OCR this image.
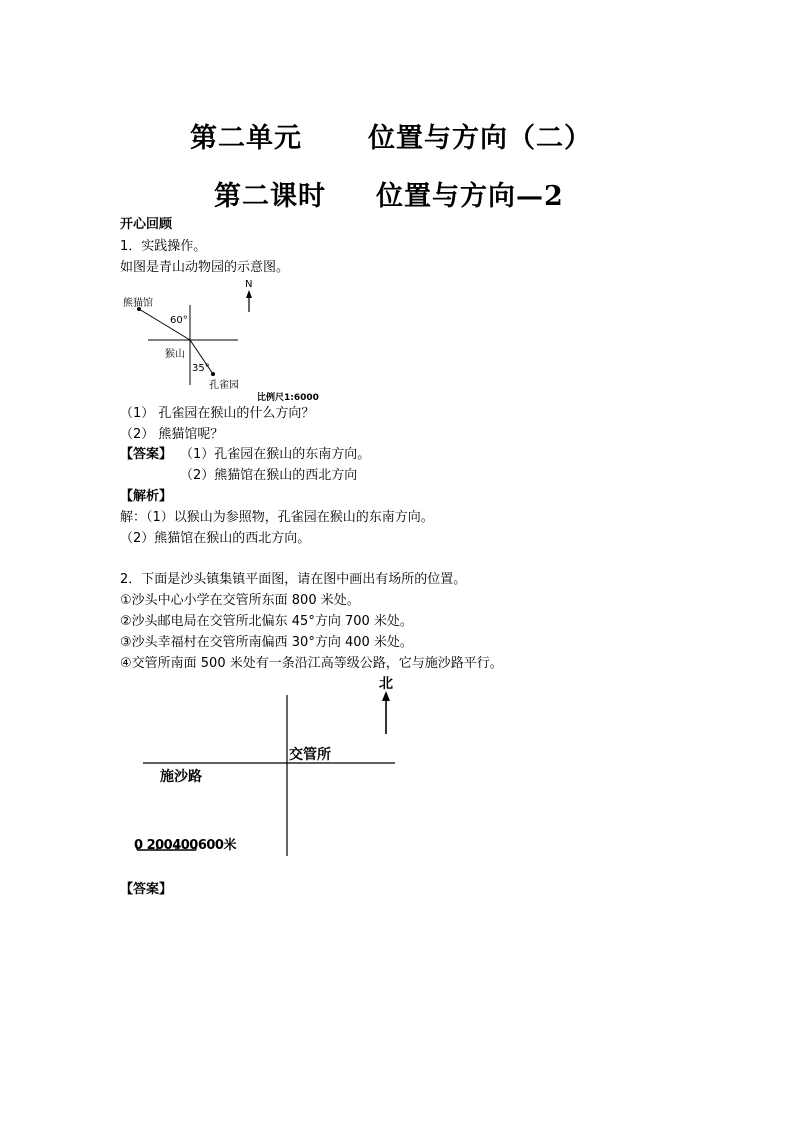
第二单元 位置与方向（二）
第二课时 位置与方向—2
开心回顾
1．实践操作。
如图是青山动物园的示意图。
N
熊猫馆
60°
猴山
35°
孔雀园
比例尺1:6000
（1） 孔雀园在猴山的什么方向？
（2） 熊猫馆呢？
【答案】 （1）孔雀园在猴山的东南方向。
（2）熊猫馆在猴山的西北方向
【解析】
解：（1）以猴山为参照物，孔雀园在猴山的东南方向。
（2）熊猫馆在猴山的西北方向。
2．下面是沙头镇集镇平面图，请在图中画出有场所的位置。
①沙头中心小学在交管所东面 800 米处。
②沙头邮电局在交管所北偏东 45°方向 700 米处。
③沙头幸福村在交管所南偏西 30°方向 400 米处。
④交管所南面 500 米处有一条沿江高等级公路，它与施沙路平行。
北
交管所
施沙路
0 200400600米
【答案】
